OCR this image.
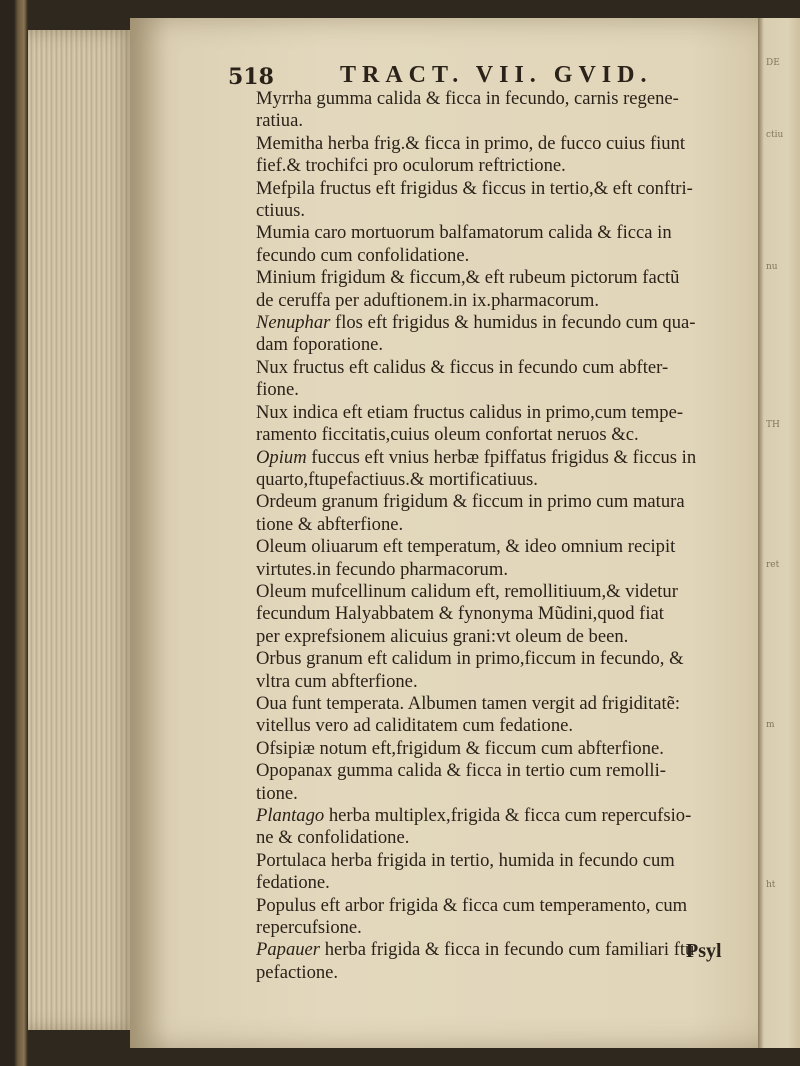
DE
ctiu
nu
TH
ret
m
ht
518	TRACT. VII. GVID.

Myrrha gumma calida & ficca in fecundo, carnis regene-
ratiua.

Memitha herba frig.& ficca in primo, de fucco cuius fiunt
fief.& trochifci pro oculorum reftrictione.

Mefpila fructus eft frigidus & ficcus in tertio,& eft conftri-
ctiuus.

Mumia caro mortuorum balfamatorum calida & ficca in
fecundo cum confolidatione.

Minium frigidum & ficcum,& eft rubeum pictorum factũ
de ceruffa per aduftionem.in ix.pharmacorum.

Nenuphar flos eft frigidus & humidus in fecundo cum qua-
dam foporatione.

Nux fructus eft calidus & ficcus in fecundo cum abfter-
fione.

Nux indica eft etiam fructus calidus in primo,cum tempe-
ramento ficcitatis,cuius oleum confortat neruos &c.

Opium fuccus eft vnius herbæ fpiffatus frigidus & ficcus in
quarto,ftupefactiuus.& mortificatiuus.

Ordeum granum frigidum & ficcum in primo cum matura
tione & abfterfione.

Oleum oliuarum eft temperatum, & ideo omnium recipit
virtutes.in fecundo pharmacorum.

Oleum mufcellinum calidum eft, remollitiuum,& videtur
fecundum Halyabbatem & fynonyma Mũdini,quod fiat
per exprefsionem alicuius grani:vt oleum de been.

Orbus granum eft calidum in primo,ficcum in fecundo, &
vltra cum abfterfione.

Oua funt temperata. Albumen tamen vergit ad frigiditatẽ:
vitellus vero ad caliditatem cum fedatione.

Ofsipiæ notum eft,frigidum & ficcum cum abfterfione.

Opopanax gumma calida & ficca in tertio cum remolli-
tione.

Plantago herba multiplex,frigida & ficca cum repercufsio-
ne & confolidatione.

Portulaca herba frigida in tertio, humida in fecundo cum
fedatione.

Populus eft arbor frigida & ficca cum temperamento, cum
repercufsione.

Papauer herba frigida & ficca in fecundo cum familiari ftu
pefactione.

Psyl
